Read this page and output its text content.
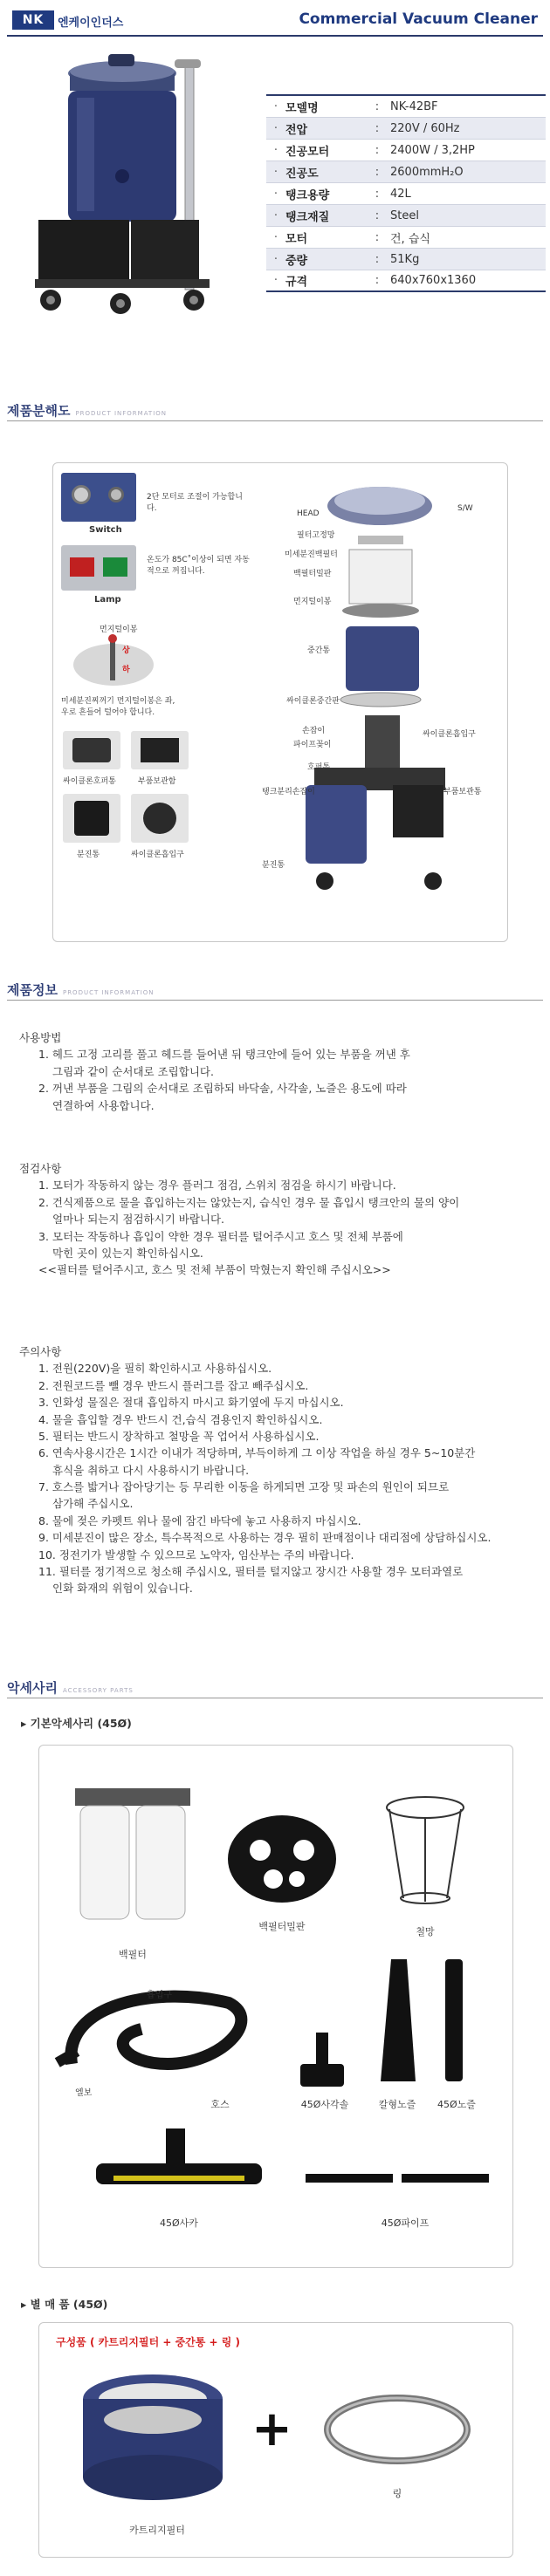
NK 엔케이인더스	Commercial Vacuum Cleaner
· 모델명	: NK-42BF
· 전압	: 220V / 60Hz
· 진공모터	: 2400W / 3,2HP
· 진공도	: 2600mmH₂O
· 탱크용량	: 42L
· 탱크재질	: Steel
· 모터	: 건, 습식
· 중량	: 51Kg
· 규격	: 640x760x1360
제품분해도 PRODUCT INFORMATION
Switch
2단 모터로 조절이 가능합니다.
Lamp
온도가 85C˚이상이 되면 자동적으로 꺼집니다.
먼지털이봉
상
하
미세분진찌꺼기 먼지털이봉은 좌, 우로 흔들어 털어야 합니다.
싸이클론호퍼통	부품보관함
분진통	싸이클론흡입구
HEAD
S/W
필터고정망
미세분진백필터
백필터밀판
먼지털이봉
중간통
싸이클론중간판
손잡이
파이프꽂이
싸이클론흡입구
호퍼통
부품보관통
탱크분리손잡이
분진통
제품정보 PRODUCT INFORMATION
사용방법
1. 헤드 고정 고리를 풀고 헤드를 들어낸 뒤 탱크안에 들어 있는 부품을 꺼낸 후
그림과 같이 순서대로 조립합니다.
2. 꺼낸 부품을 그림의 순서대로 조립하되 바닥솔, 사각솔, 노즐은 용도에 따라
연결하여 사용합니다.
점검사항
1. 모터가 작동하지 않는 경우 플러그 점검, 스위치 점검을 하시기 바랍니다.
2. 건식제품으로 물을 흡입하는지는 않았는지, 습식인 경우 물 흡입시 탱크안의 물의 양이
얼마나 되는지 점검하시기 바랍니다.
3. 모터는 작동하나 흡입이 약한 경우 필터를 털어주시고 호스 및 전체 부품에
막힌 곳이 있는지 확인하십시오.
<<필터를 털어주시고, 호스 및 전체 부품이 막혔는지 확인해 주십시오>>
주의사항
1. 전원(220V)을 필히 확인하시고 사용하십시오.
2. 전원코드를 뺄 경우 반드시 플러그를 잡고 빼주십시오.
3. 인화성 물질은 절대 흡입하지 마시고 화기옆에 두지 마십시오.
4. 물을 흡입할 경우 반드시 건,습식 겸용인지 확인하십시오.
5. 필터는 반드시 장착하고 철망을 꼭 업어서 사용하십시오.
6. 연속사용시간은 1시간 이내가 적당하며, 부득이하게 그 이상 작업을 하실 경우 5~10분간
휴식을 취하고 다시 사용하시기 바랍니다.
7. 호스를 밟거나 잡아당기는 등 무리한 이동을 하게되면 고장 및 파손의 원인이 되므로
삼가해 주십시오.
8. 물에 젖은 카펫트 위나 물에 잠긴 바닥에 놓고 사용하지 마십시오.
9. 미세분진이 많은 장소, 특수목적으로 사용하는 경우 필히 판매점이나 대리점에 상담하십시오.
10. 정전기가 발생할 수 있으므로 노약자, 임산부는 주의 바랍니다.
11. 필터를 정기적으로 청소해 주십시오, 필터를 털지않고 장시간 사용할 경우 모터과열로
인화 화재의 위험이 있습니다.
악세사리 ACCESSORY PARTS
▸ 기본악세사리 (45Ø)
백필터
백필터밀판	철망
흡입구
엘보
호스	45Ø사각솔	칼형노즐	45Ø노즐
45Ø사카	45Ø파이프
▸ 별 매 품 (45Ø)
구성품 ( 카트리지필터 + 중간통 + 링 )
카트리지필터
+
링
